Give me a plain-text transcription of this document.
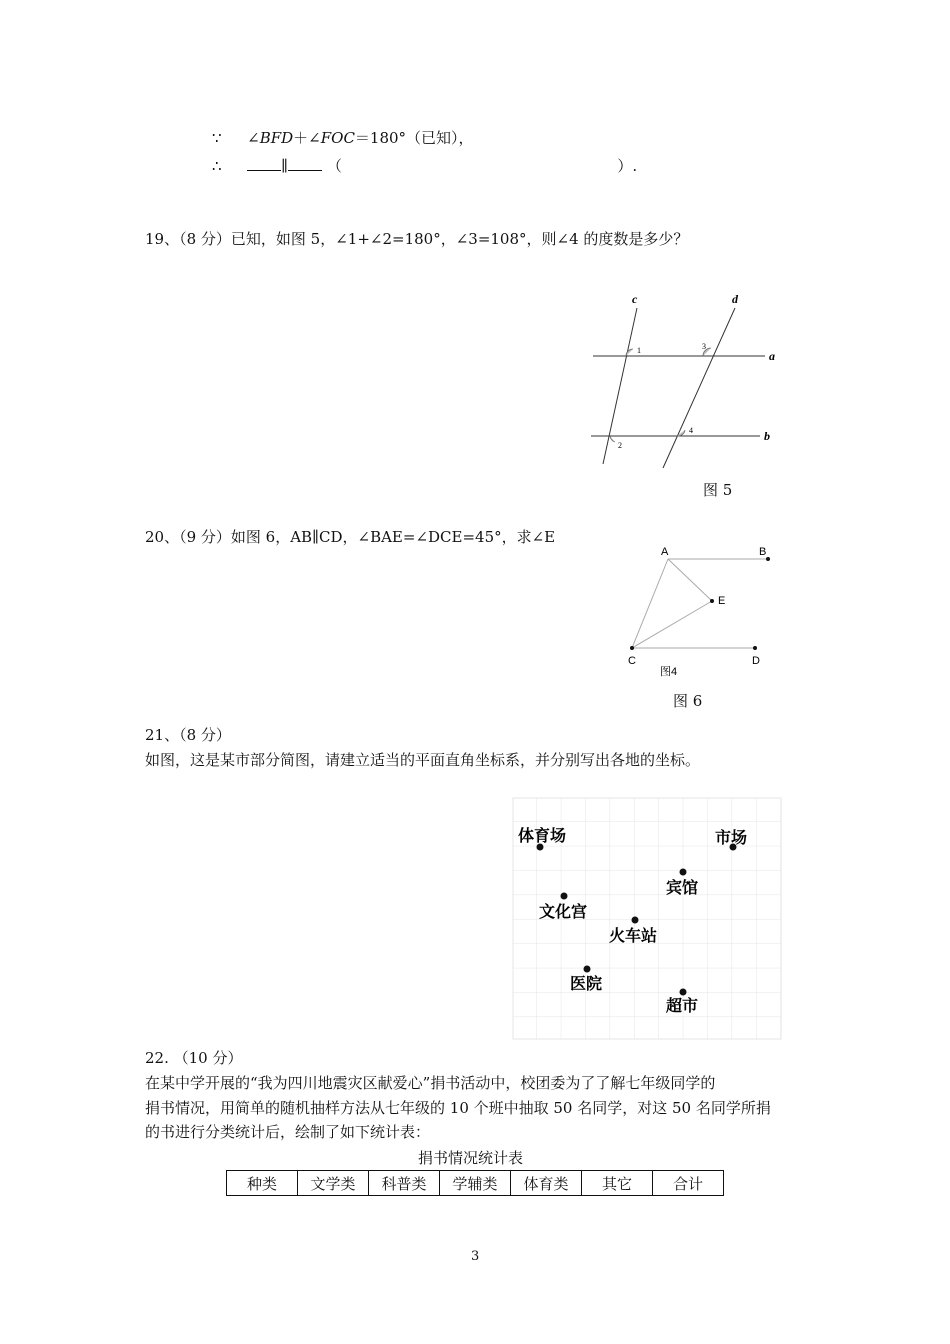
∵ ∠BFD＋∠FOC＝180°（已知），
∴	∥	（	）.
19、（8 分）已知，如图 5，∠1+∠2=180°，∠3=108°，则∠4 的度数是多少？
c	d
a
b
1
2
3
4
图 5
20、（9 分）如图 6，AB∥CD，∠BAE=∠DCE=45°，求∠E
A	B
E
C	D
图4
图 6
21、（8 分）
如图，这是某市部分简图，请建立适当的平面直角坐标系，并分别写出各地的坐标。
体育场	市场
宾馆
文化宫
火车站
医院
超市
22. （10 分）
在某中学开展的“我为四川地震灾区献爱心”捐书活动中，校团委为了了解七年级同学的
捐书情况，用简单的随机抽样方法从七年级的 10 个班中抽取 50 名同学，对这 50 名同学所捐
的书进行分类统计后，绘制了如下统计表：
捐书情况统计表
种类	文学类	科普类	学辅类	体育类	其它	合计
3
